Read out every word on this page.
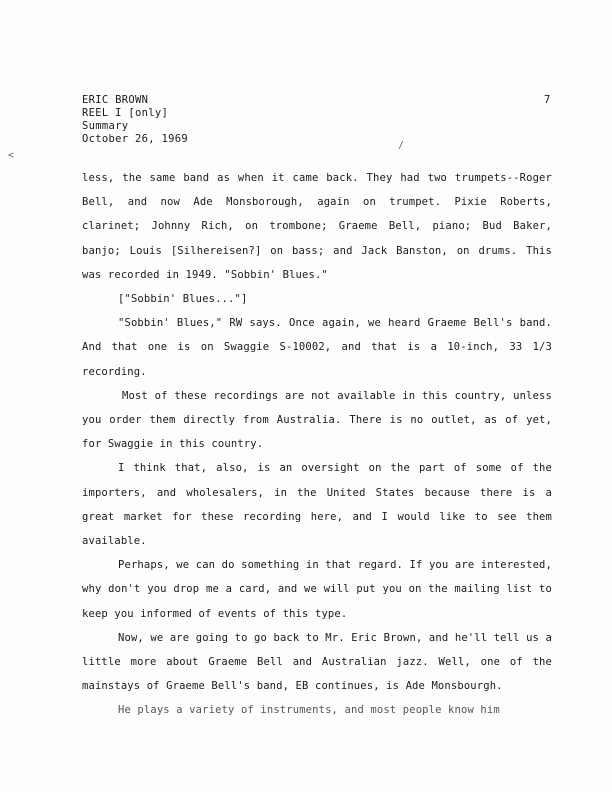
ERIC BROWN
REEL I [only]
Summary
October 26, 1969
7
<
/

less, the same band as when it came back. They had two trumpets--Roger Bell, and now Ade Monsborough, again on trumpet. Pixie Roberts, clarinet; Johnny Rich, on trombone; Graeme Bell, piano; Bud Baker, banjo; Louis [Silhereisen?] on bass; and Jack Banston, on drums. This was recorded in 1949. "Sobbin' Blues."

["Sobbin' Blues..."]

"Sobbin' Blues," RW says. Once again, we heard Graeme Bell's band. And that one is on Swaggie S-10002, and that is a 10-inch, 33 1/3 recording.

Most of these recordings are not available in this country, unless you order them directly from Australia. There is no outlet, as of yet, for Swaggie in this country.

I think that, also, is an oversight on the part of some of the importers, and wholesalers, in the United States because there is a great market for these recording here, and I would like to see them available.

Perhaps, we can do something in that regard. If you are interested, why don't you drop me a card, and we will put you on the mailing list to keep you informed of events of this type.

Now, we are going to go back to Mr. Eric Brown, and he'll tell us a little more about Graeme Bell and Australian jazz. Well, one of the mainstays of Graeme Bell's band, EB continues, is Ade Monsbourgh.

He plays a variety of instruments, and most people know him
